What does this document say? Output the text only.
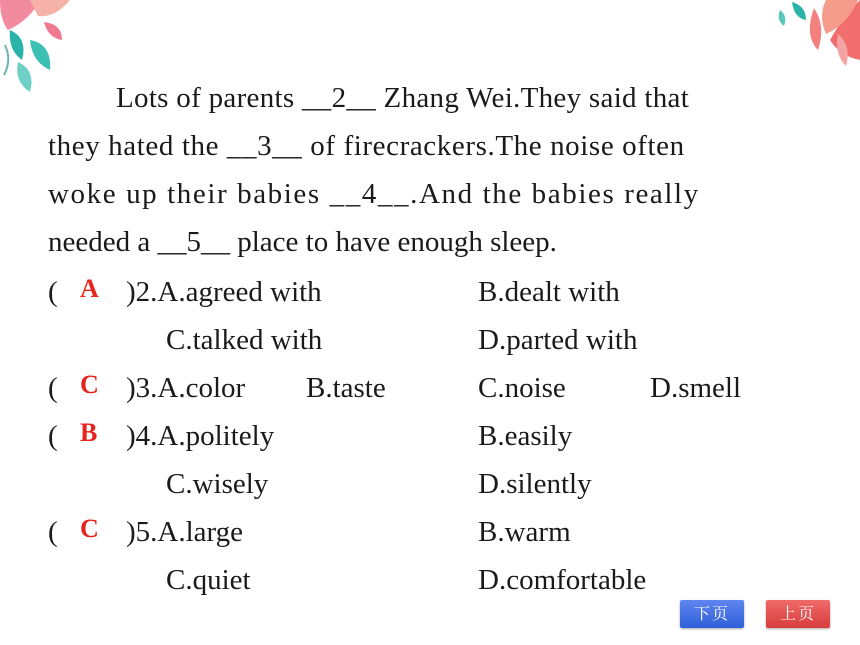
Lots of parents __2__ Zhang Wei.They said that
they hated the __3__ of firecrackers.The noise often
woke up their babies __4__.And the babies really
needed a __5__ place to have enough sleep.
( A )2.A.agreed with	B.dealt with
C.talked with	D.parted with
( C )3.A.color B.taste	C.noise	D.smell
( B )4.A.politely	B.easily
C.wisely	D.silently
( C )5.A.large	B.warm
C.quiet	D.comfortable
下页	上页
